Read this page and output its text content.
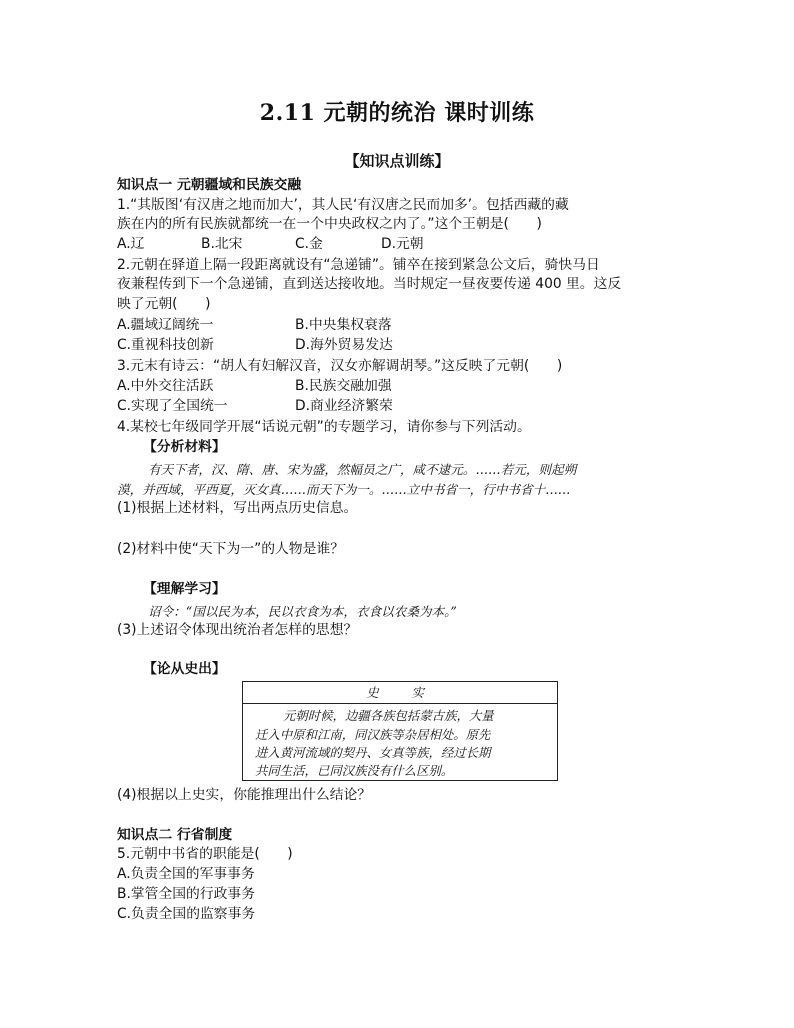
2.11 元朝的统治 课时训练
【知识点训练】
知识点一 元朝疆域和民族交融
1.“其版图‘有汉唐之地而加大’，其人民‘有汉唐之民而加多’。包括西藏的藏
族在内的所有民族就都统一在一个中央政权之内了。”这个王朝是(　　)
A.辽	B.北宋	C.金	D.元朝
2.元朝在驿道上隔一段距离就设有“急递铺”。铺卒在接到紧急公文后，骑快马日
夜兼程传到下一个急递铺，直到送达接收地。当时规定一昼夜要传递 400 里。这反
映了元朝(　　)
A.疆域辽阔统一	B.中央集权衰落
C.重视科技创新	D.海外贸易发达
3.元末有诗云：“胡人有妇解汉音，汉女亦解调胡琴。”这反映了元朝(　　)
A.中外交往活跃	B.民族交融加强
C.实现了全国统一	D.商业经济繁荣
4.某校七年级同学开展“话说元朝”的专题学习，请你参与下列活动。
【分析材料】
有天下者，汉、隋、唐、宋为盛，然幅员之广，咸不逮元。……若元，则起朔
漠，并西域，平西夏，灭女真……而天下为一。……立中书省一，行中书省十……
(1)根据上述材料，写出两点历史信息。
(2)材料中使“天下为一”的人物是谁？
【理解学习】
诏令：“国以民为本，民以衣食为本，衣食以农桑为本。”
(3)上述诏令体现出统治者怎样的思想？
【论从史出】
史　实
元朝时候，边疆各族包括蒙古族，大量
迁入中原和江南，同汉族等杂居相处。原先
进入黄河流域的契丹、女真等族，经过长期
共同生活，已同汉族没有什么区别。
(4)根据以上史实，你能推理出什么结论？
知识点二 行省制度
5.元朝中书省的职能是(　　)
A.负责全国的军事事务
B.掌管全国的行政事务
C.负责全国的监察事务
